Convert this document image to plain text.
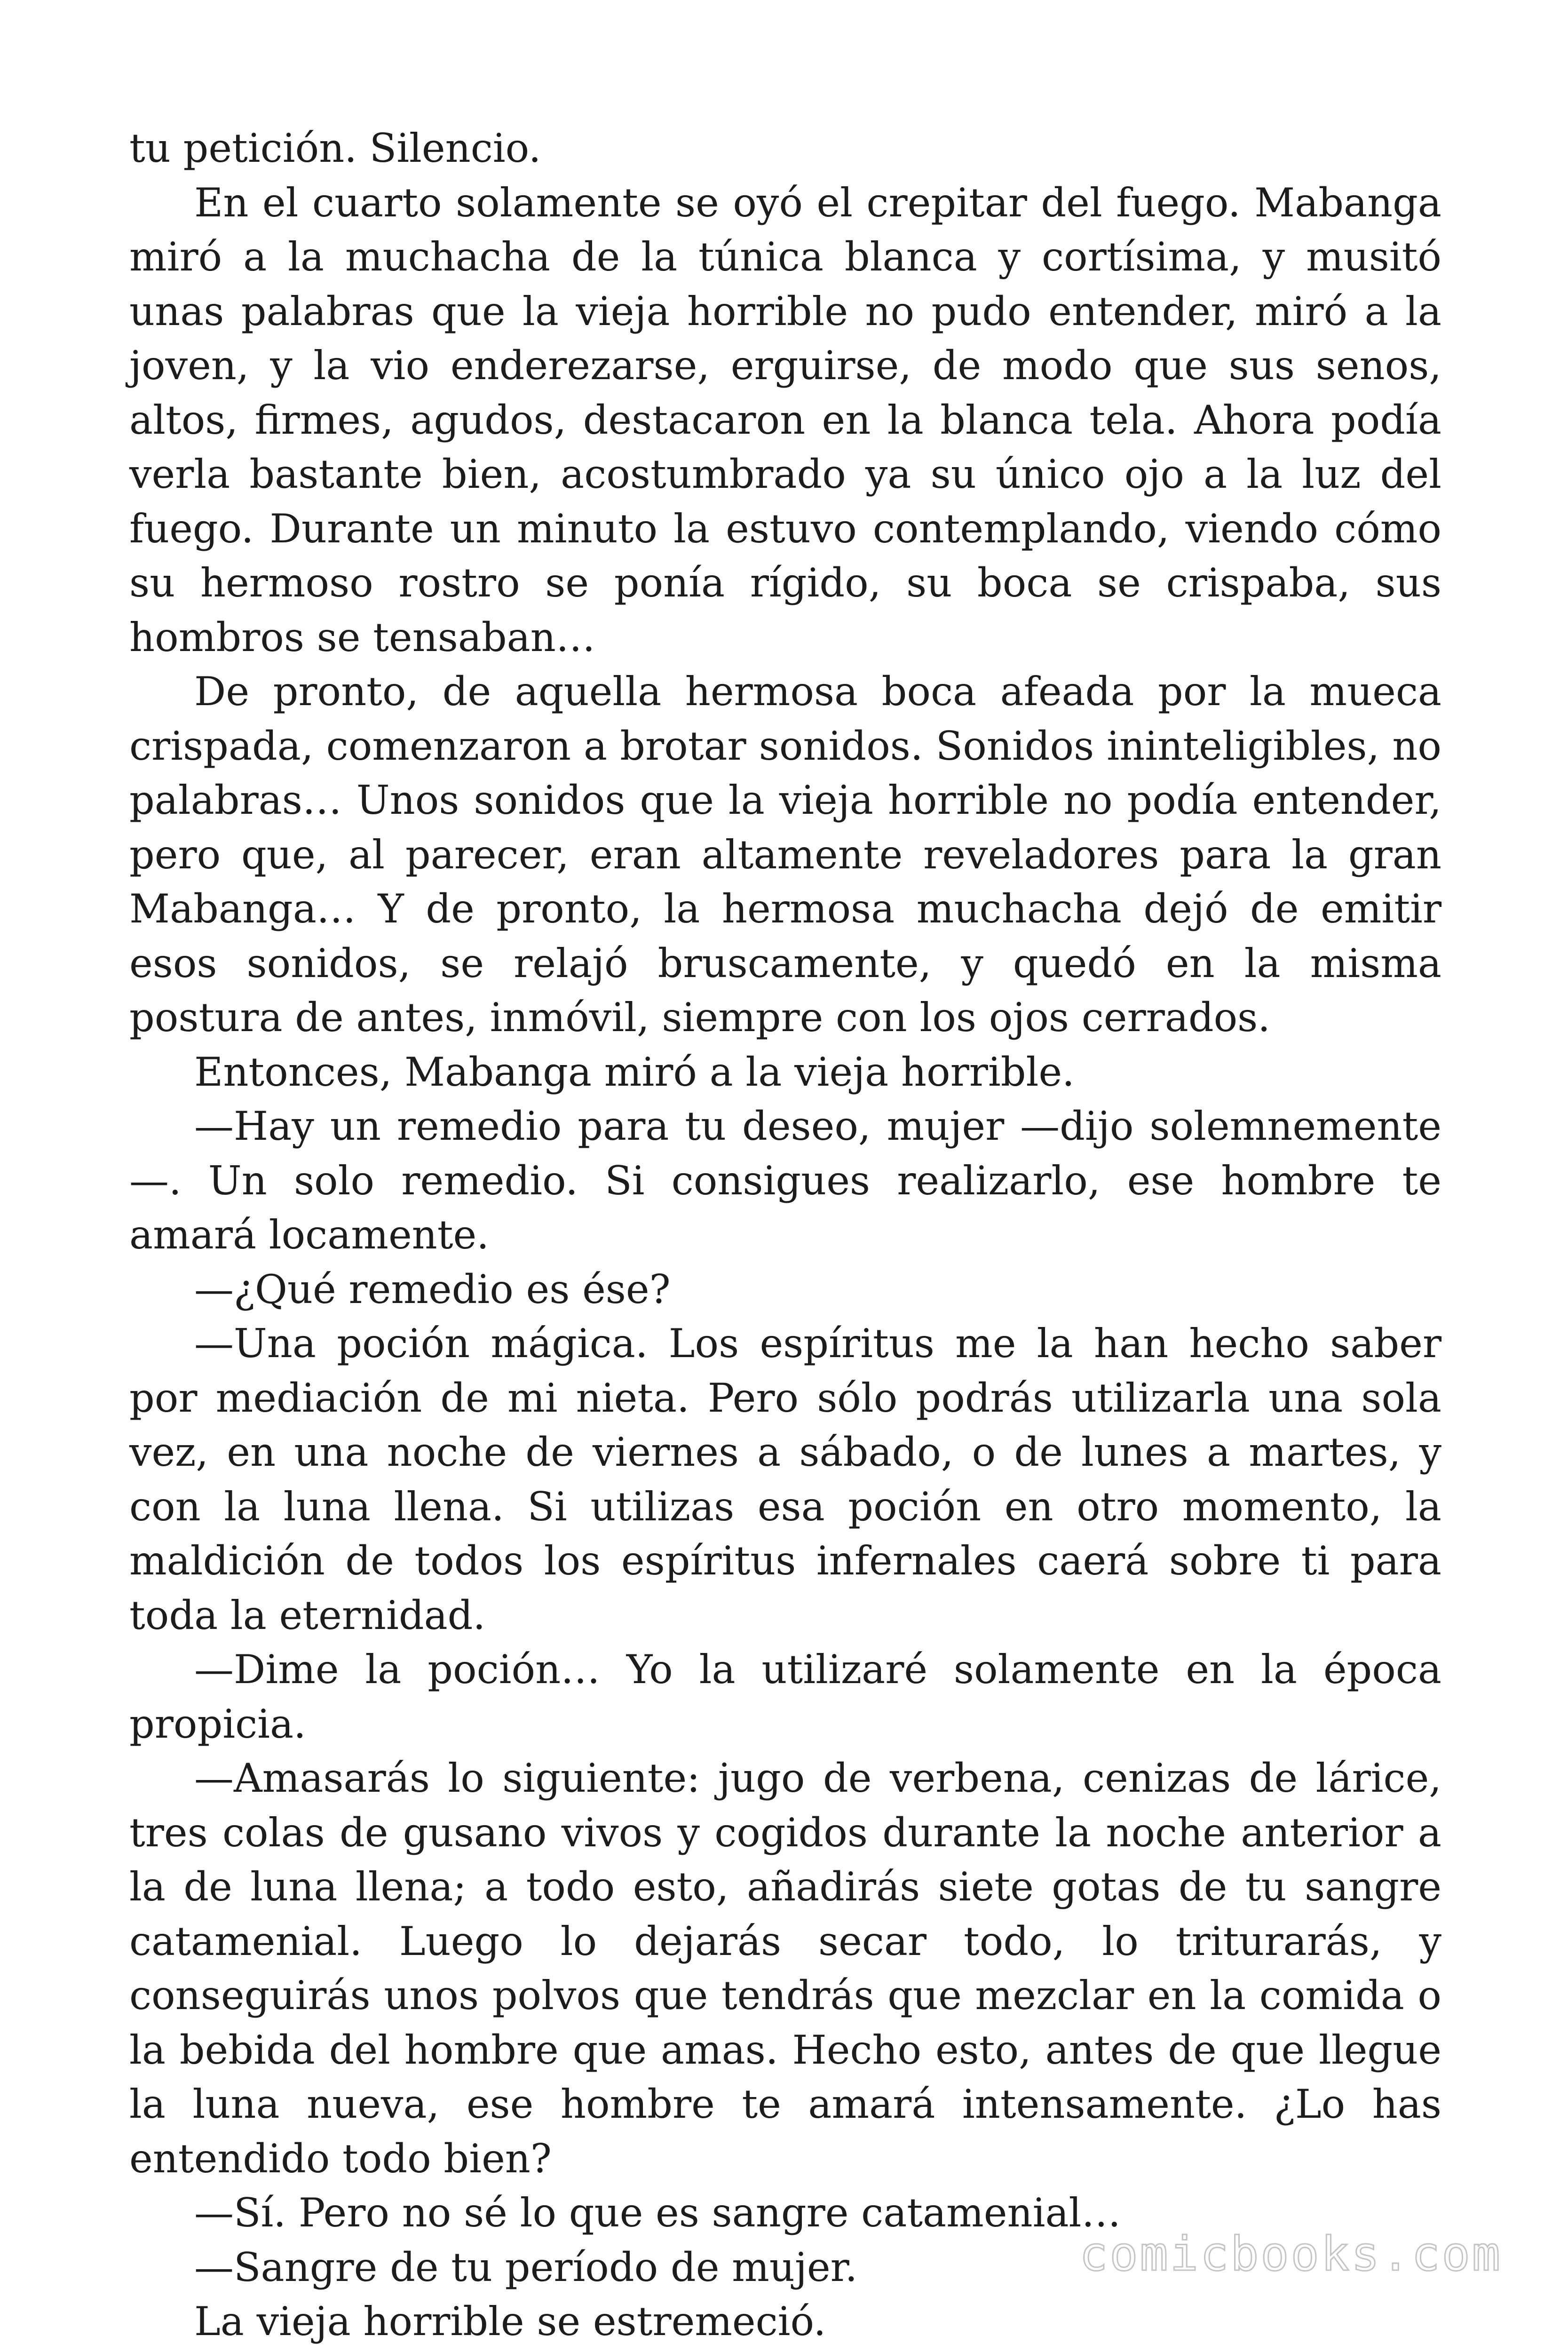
tu petición. Silencio.

En el cuarto solamente se oyó el crepitar del fuego. Mabanga miró a la muchacha de la túnica blanca y cortísima, y musitó unas palabras que la vieja horrible no pudo entender, miró a la joven, y la vio enderezarse, erguirse, de modo que sus senos, altos, firmes, agudos, destacaron en la blanca tela. Ahora podía verla bastante bien, acostumbrado ya su único ojo a la luz del fuego. Durante un minuto la estuvo contemplando, viendo cómo su hermoso rostro se ponía rígido, su boca se crispaba, sus hombros se tensaban…

De pronto, de aquella hermosa boca afeada por la mueca crispada, comenzaron a brotar sonidos. Sonidos ininteligibles, no palabras… Unos sonidos que la vieja horrible no podía entender, pero que, al parecer, eran altamente reveladores para la gran Mabanga… Y de pronto, la hermosa muchacha dejó de emitir esos sonidos, se relajó bruscamente, y quedó en la misma postura de antes, inmóvil, siempre con los ojos cerrados.

Entonces, Mabanga miró a la vieja horrible.

—Hay un remedio para tu deseo, mujer —dijo solemnemente—. Un solo remedio. Si consigues realizarlo, ese hombre te amará locamente.

—¿Qué remedio es ése?

—Una poción mágica. Los espíritus me la han hecho saber por mediación de mi nieta. Pero sólo podrás utilizarla una sola vez, en una noche de viernes a sábado, o de lunes a martes, y con la luna llena. Si utilizas esa poción en otro momento, la maldición de todos los espíritus infernales caerá sobre ti para toda la eternidad.

—Dime la poción… Yo la utilizaré solamente en la época propicia.

—Amasarás lo siguiente: jugo de verbena, cenizas de lárice, tres colas de gusano vivos y cogidos durante la noche anterior a la de luna llena; a todo esto, añadirás siete gotas de tu sangre catamenial. Luego lo dejarás secar todo, lo triturarás, y conseguirás unos polvos que tendrás que mezclar en la comida o la bebida del hombre que amas. Hecho esto, antes de que llegue la luna nueva, ese hombre te amará intensamente. ¿Lo has entendido todo bien?

—Sí. Pero no sé lo que es sangre catamenial…

—Sangre de tu período de mujer.

La vieja horrible se estremeció.

comicbooks.com
